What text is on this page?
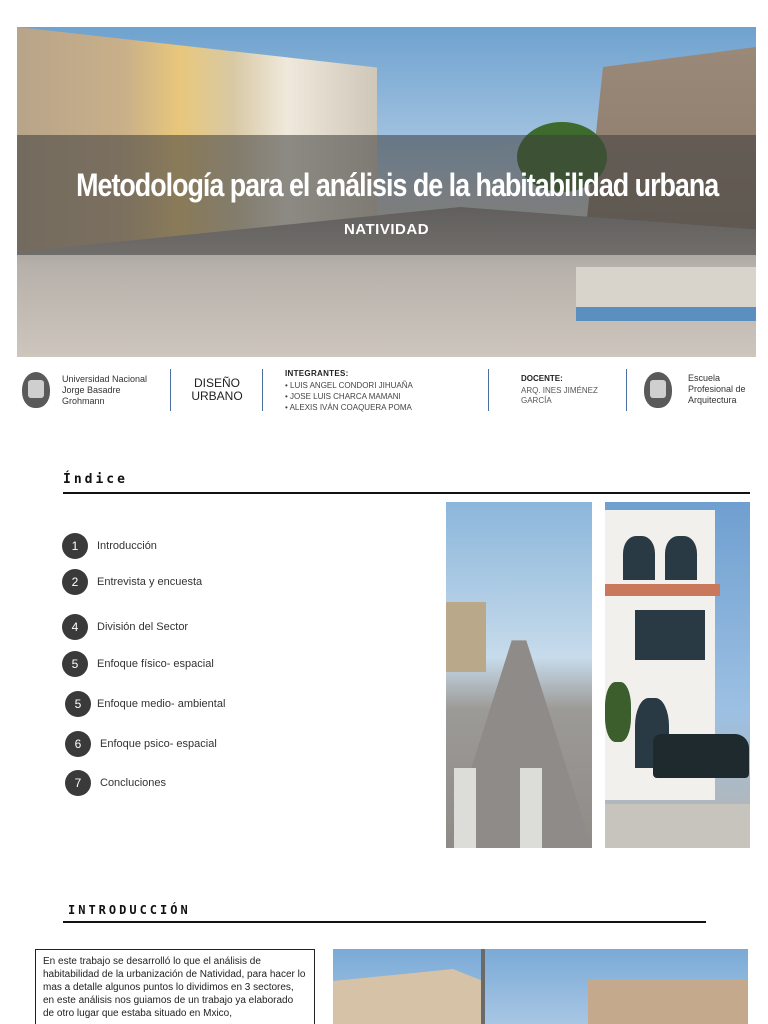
Metodología para el análisis de la habitabilidad urbana
NATIVIDAD
Universidad Nacional Jorge Basadre Grohmann
DISEÑO
URBANO
INTEGRANTES:
• LUIS ANGEL CONDORI JIHUAÑA
• JOSE LUIS CHARCA MAMANI
• ALEXIS IVÁN COAQUERA POMA
DOCENTE:
ARQ. INES JIMÉNEZ GARCÍA
Escuela Profesional de Arquitectura
Índice
1	Introducción
2	Entrevista y encuesta
4	División del Sector
5	Enfoque físico- espacial
5	Enfoque medio- ambiental
6	Enfoque psico- espacial
7	Concluciones
INTRODUCCIÓN
En este trabajo se desarrolló lo que el análisis de habitabilidad de la urbanización de Natividad, para hacer lo mas a detalle algunos puntos lo dividimos en 3 sectores, en este análisis nos guiamos de un trabajo ya elaborado de otro lugar que estaba situado en Mxico,
